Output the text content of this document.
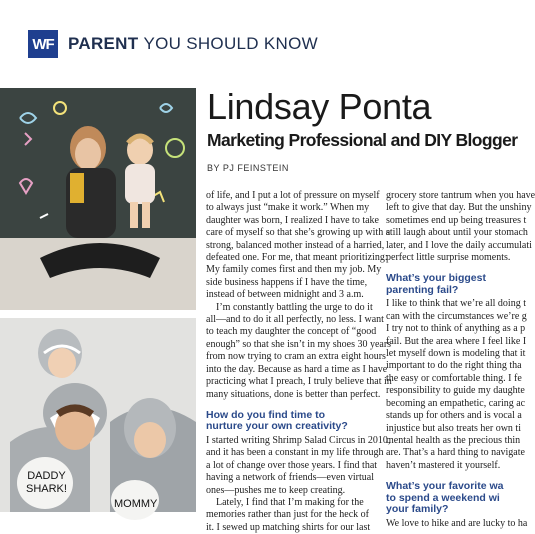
WF PARENT YOU SHOULD KNOW
DADDY
SHARK!
MOMMY
Lindsay Ponta
Marketing Professional and DIY Blogger
BY PJ FEINSTEIN

of life, and I put a lot of pressure on myself
to always just “make it work.” When my
daughter was born, I realized I have to take
care of myself so that she’s growing up with a
strong, balanced mother instead of a harried,
defeated one. For me, that meant prioritizing:
My family comes first and then my job. My
side business happens if I have the time,
instead of between midnight and 3 a.m.

I’m constantly battling the urge to do it

all—and to do it all perfectly, no less. I want
to teach my daughter the concept of “good
enough” so that she isn’t in my shoes 30 years
from now trying to cram an extra eight hours
into the day. Because as hard a time as I have
practicing what I preach, I truly believe that in
many situations, done is better than perfect.

How do you find time to
nurture your own creativity?

I started writing Shrimp Salad Circus in 2010,
and it has been a constant in my life through
a lot of change over those years. I find that
having a network of friends—even virtual
ones—pushes me to keep creating.

Lately, I find that I’m making for the
memories rather than just for the heck of
it. I sewed up matching shirts for our last

grocery store tantrum when you have
left to give that day. But the unshiny
sometimes end up being treasures t
still laugh about until your stomach
later, and I love the daily accumulati
perfect little surprise moments.

What’s your biggest
parenting fail?

I like to think that we’re all doing t
can with the circumstances we’re g
I try not to think of anything as a p
fail. But the area where I feel like I
let myself down is modeling that it
important to do the right thing tha
the easy or comfortable thing. I fe
responsibility to guide my daughte
becoming an empathetic, caring ac
stands up for others and is vocal a
injustice but also treats her own ti
mental health as the precious thin
are. That’s a hard thing to navigate
haven’t mastered it yourself.

What’s your favorite wa
to spend a weekend wi
your family?

We love to hike and are lucky to ha
